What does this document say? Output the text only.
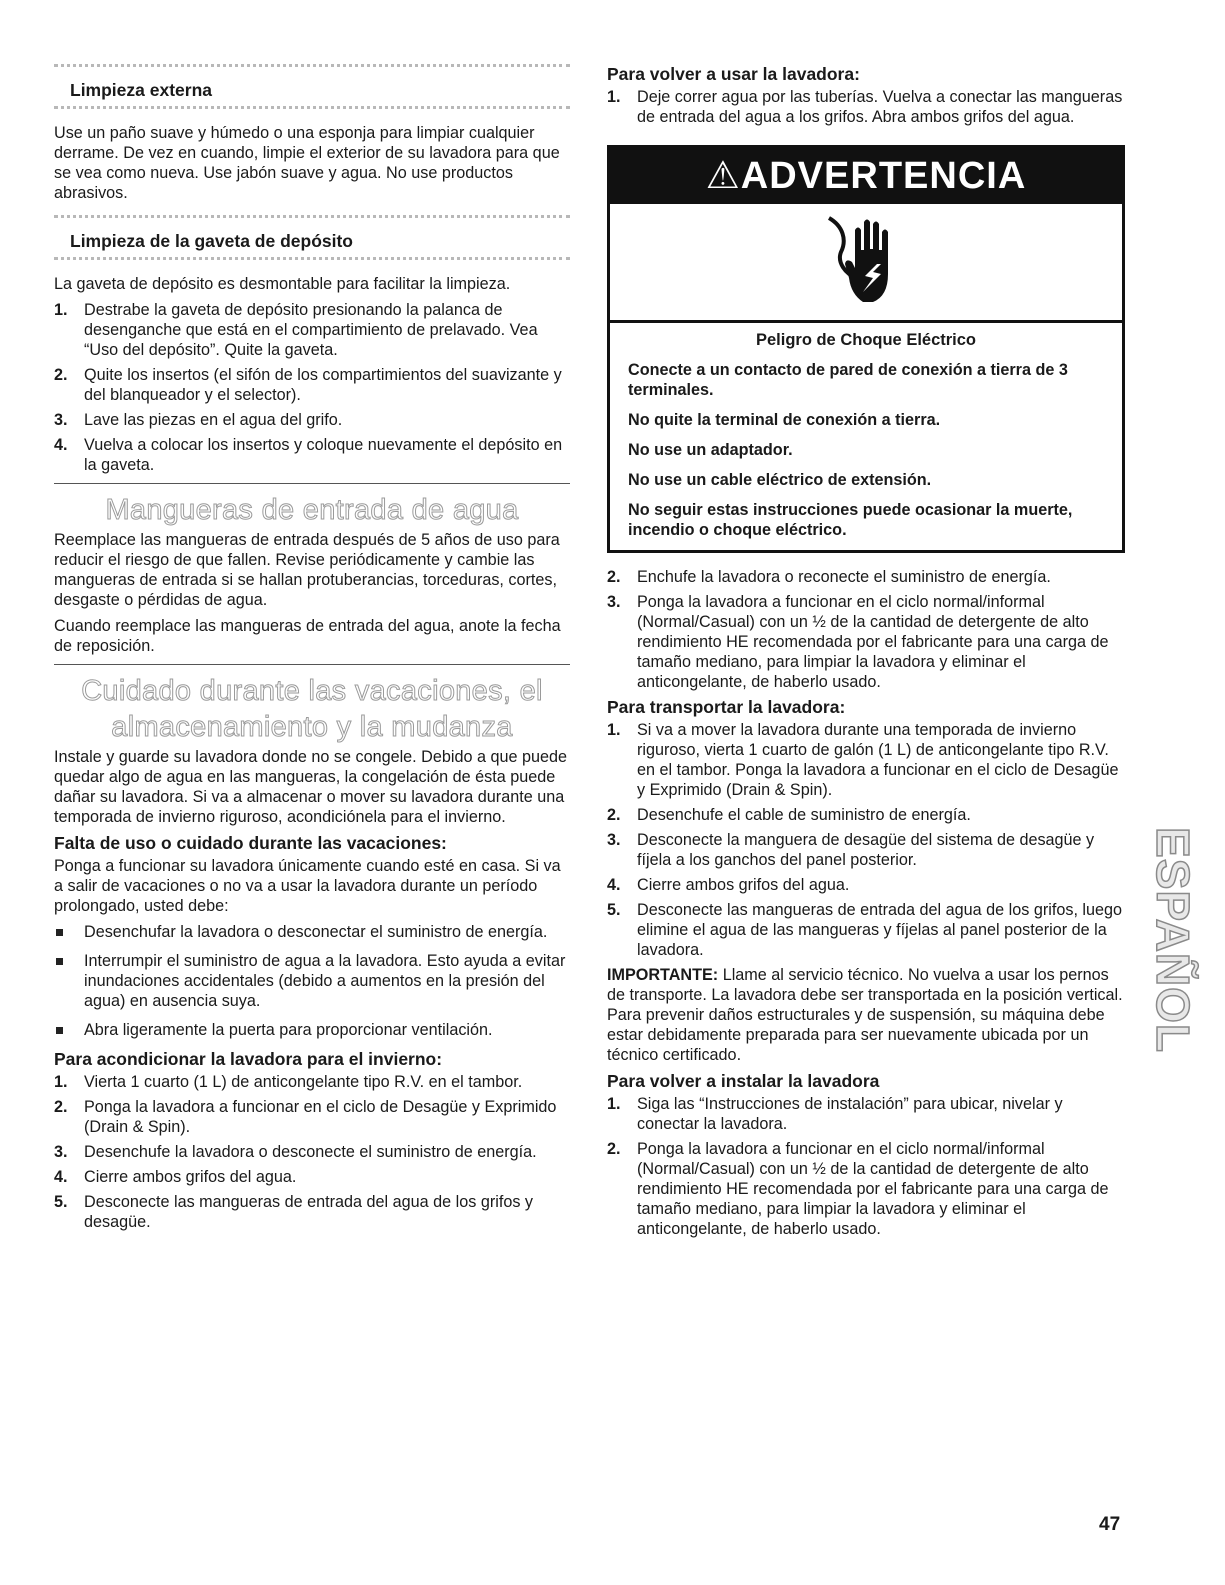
Limpieza externa

Use un paño suave y húmedo o una esponja para limpiar cualquier derrame. De vez en cuando, limpie el exterior de su lavadora para que se vea como nueva. Use jabón suave y agua. No use productos abrasivos.

Limpieza de la gaveta de depósito

La gaveta de depósito es desmontable para facilitar la limpieza.

1. Destrabe la gaveta de depósito presionando la palanca de desenganche que está en el compartimiento de prelavado. Vea “Uso del depósito”. Quite la gaveta.
2. Quite los insertos (el sifón de los compartimientos del suavizante y del blanqueador y el selector).
3. Lave las piezas en el agua del grifo.
4. Vuelva a colocar los insertos y coloque nuevamente el depósito en la gaveta.
Mangueras de entrada de agua

Reemplace las mangueras de entrada después de 5 años de uso para reducir el riesgo de que fallen. Revise periódicamente y cambie las mangueras de entrada si se hallan protuberancias, torceduras, cortes, desgaste o pérdidas de agua.

Cuando reemplace las mangueras de entrada del agua, anote la fecha de reposición.

Cuidado durante las vacaciones, el
almacenamiento y la mudanza

Instale y guarde su lavadora donde no se congele. Debido a que puede quedar algo de agua en las mangueras, la congelación de ésta puede dañar su lavadora. Si va a almacenar o mover su lavadora durante una temporada de invierno riguroso, acondiciónela para el invierno.

Falta de uso o cuidado durante las vacaciones:

Ponga a funcionar su lavadora únicamente cuando esté en casa. Si va a salir de vacaciones o no va a usar la lavadora durante un período prolongado, usted debe:

Desenchufar la lavadora o desconectar el suministro de energía.
Interrumpir el suministro de agua a la lavadora. Esto ayuda a evitar inundaciones accidentales (debido a aumentos en la presión del agua) en ausencia suya.
Abra ligeramente la puerta para proporcionar ventilación.
Para acondicionar la lavadora para el invierno:
1. Vierta 1 cuarto (1 L) de anticongelante tipo R.V. en el tambor.
2. Ponga la lavadora a funcionar en el ciclo de Desagüe y Exprimido (Drain & Spin).
3. Desenchufe la lavadora o desconecte el suministro de energía.
4. Cierre ambos grifos del agua.
5. Desconecte las mangueras de entrada del agua de los grifos y desagüe.
Para volver a usar la lavadora:
1. Deje correr agua por las tuberías. Vuelva a conectar las mangueras de entrada del agua a los grifos. Abra ambos grifos del agua.
⚠ADVERTENCIA
Peligro de Choque Eléctrico
Conecte a un contacto de pared de conexión a tierra de 3 terminales.
No quite la terminal de conexión a tierra.
No use un adaptador.
No use un cable eléctrico de extensión.
No seguir estas instrucciones puede ocasionar la muerte, incendio o choque eléctrico.
2. Enchufe la lavadora o reconecte el suministro de energía.
3. Ponga la lavadora a funcionar en el ciclo normal/informal (Normal/Casual) con un ½ de la cantidad de detergente de alto rendimiento HE recomendada por el fabricante para una carga de tamaño mediano, para limpiar la lavadora y eliminar el anticongelante, de haberlo usado.
Para transportar la lavadora:
1. Si va a mover la lavadora durante una temporada de invierno riguroso, vierta 1 cuarto de galón (1 L) de anticongelante tipo R.V. en el tambor. Ponga la lavadora a funcionar en el ciclo de Desagüe y Exprimido (Drain & Spin).
2. Desenchufe el cable de suministro de energía.
3. Desconecte la manguera de desagüe del sistema de desagüe y fíjela a los ganchos del panel posterior.
4. Cierre ambos grifos del agua.
5. Desconecte las mangueras de entrada del agua de los grifos, luego elimine el agua de las mangueras y fíjelas al panel posterior de la lavadora.

IMPORTANTE: Llame al servicio técnico. No vuelva a usar los pernos de transporte. La lavadora debe ser transportada en la posición vertical. Para prevenir daños estructurales y de suspensión, su máquina debe estar debidamente preparada para ser nuevamente ubicada por un técnico certificado.

Para volver a instalar la lavadora
1. Siga las “Instrucciones de instalación” para ubicar, nivelar y conectar la lavadora.
2. Ponga la lavadora a funcionar en el ciclo normal/informal (Normal/Casual) con un ½ de la cantidad de detergente de alto rendimiento HE recomendada por el fabricante para una carga de tamaño mediano, para limpiar la lavadora y eliminar el anticongelante, de haberlo usado.
ESPAÑOL
47
